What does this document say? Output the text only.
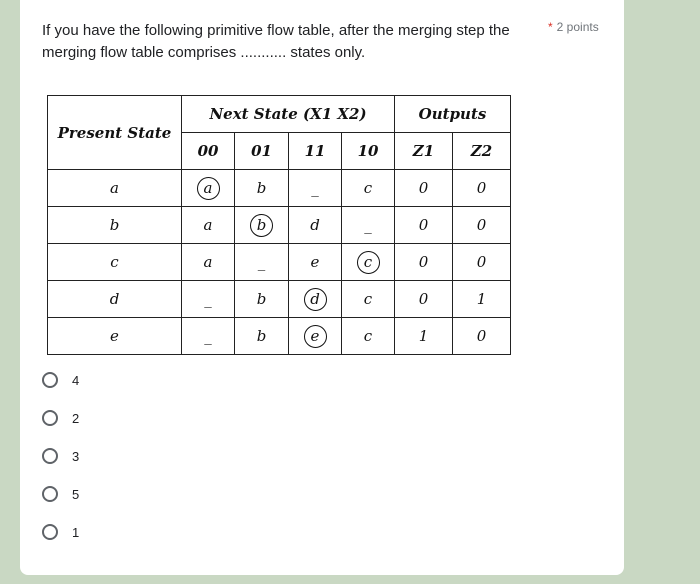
If you have the following primitive flow table, after the merging step the merging flow table comprises ........... states only.
* 2 points
Present State	Next State (X1 X2)				Outputs	
	00	01	11	10	Z1	Z2
a	a	b	_	c	0	0
b	a	b	d	_	0	0
c	a	_	e	c	0	0
d	_	b	d	c	0	1
e	_	b	e	c	1	0
4
2
3
5
1
